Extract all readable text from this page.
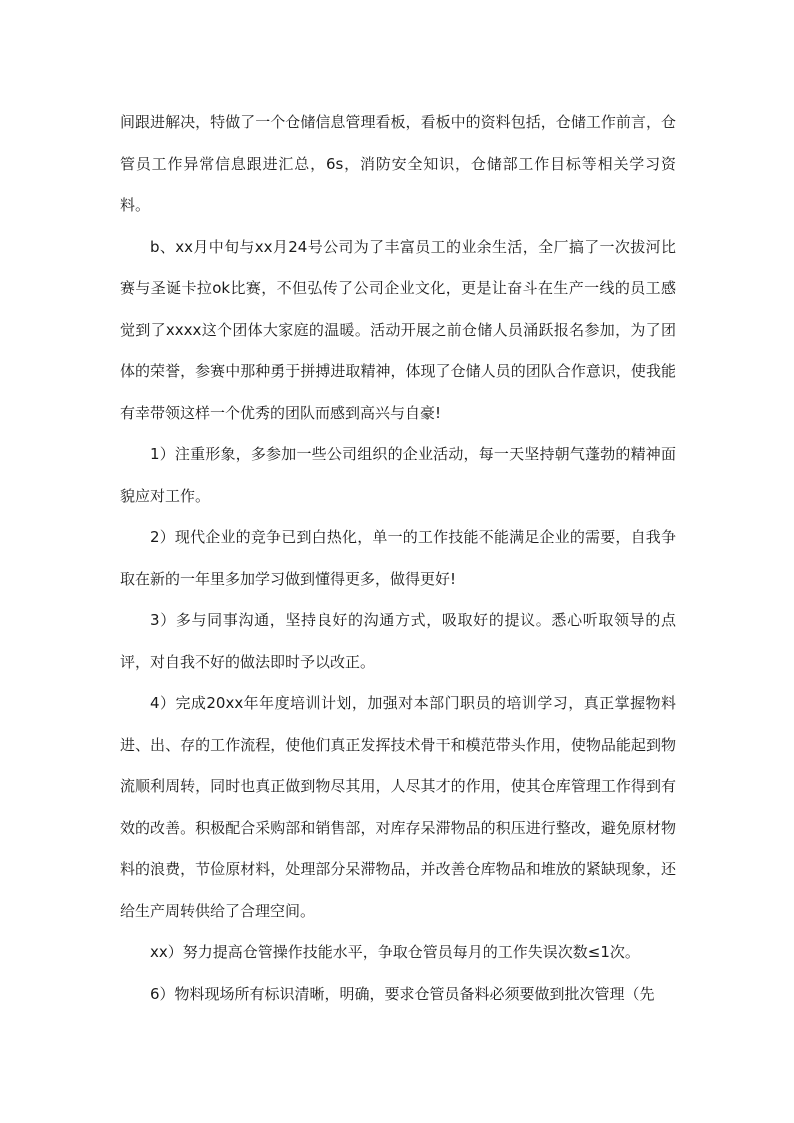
间跟进解决，特做了一个仓储信息管理看板，看板中的资料包括，仓储工作前言，仓管员工作异常信息跟进汇总，6s，消防安全知识，仓储部工作目标等相关学习资料。

b、xx月中旬与xx月24号公司为了丰富员工的业余生活，全厂搞了一次拔河比赛与圣诞卡拉ok比赛，不但弘传了公司企业文化，更是让奋斗在生产一线的员工感觉到了xxxx这个团体大家庭的温暖。活动开展之前仓储人员涌跃报名参加，为了团体的荣誉，参赛中那种勇于拼搏进取精神，体现了仓储人员的团队合作意识，使我能有幸带领这样一个优秀的团队而感到高兴与自豪!

1）注重形象，多参加一些公司组织的企业活动，每一天坚持朝气蓬勃的精神面貌应对工作。

2）现代企业的竞争已到白热化，单一的工作技能不能满足企业的需要，自我争取在新的一年里多加学习做到懂得更多，做得更好!

3）多与同事沟通，坚持良好的沟通方式，吸取好的提议。悉心听取领导的点评，对自我不好的做法即时予以改正。

4）完成20xx年年度培训计划，加强对本部门职员的培训学习，真正掌握物料进、出、存的工作流程，使他们真正发挥技术骨干和模范带头作用，使物品能起到物流顺利周转，同时也真正做到物尽其用，人尽其才的作用，使其仓库管理工作得到有效的改善。积极配合采购部和销售部，对库存呆滞物品的积压进行整改，避免原材物料的浪费，节俭原材料，处理部分呆滞物品，并改善仓库物品和堆放的紧缺现象，还给生产周转供给了合理空间。

xx）努力提高仓管操作技能水平，争取仓管员每月的工作失误次数≤1次。

6）物料现场所有标识清晰，明确，要求仓管员备料必须要做到批次管理（先
